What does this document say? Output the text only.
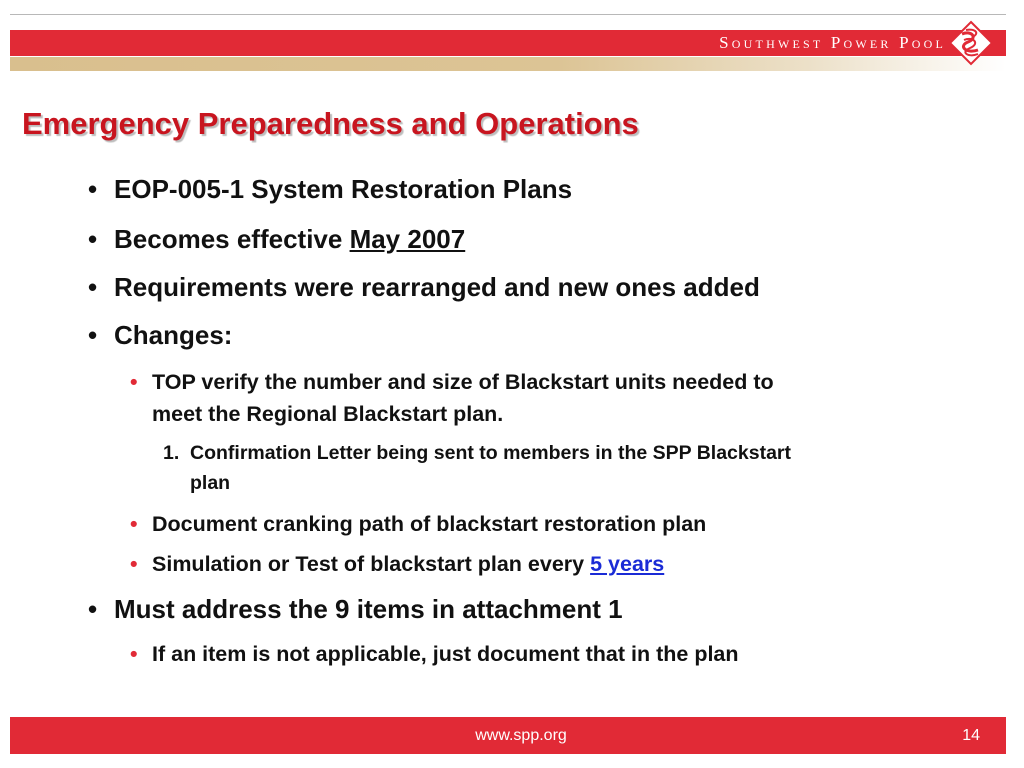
Southwest Power Pool
Emergency Preparedness and Operations
• EOP-005-1 System Restoration Plans
• Becomes effective May 2007
• Requirements were rearranged and new ones added
• Changes:
• TOP verify the number and size of Blackstart units needed to
meet the Regional Blackstart plan.
1. Confirmation Letter being sent to members in the SPP Blackstart
plan
• Document cranking path of blackstart restoration plan
• Simulation or Test of blackstart plan every 5 years
• Must address the 9 items in attachment 1
• If an item is not applicable, just document that in the plan
www.spp.org	14
